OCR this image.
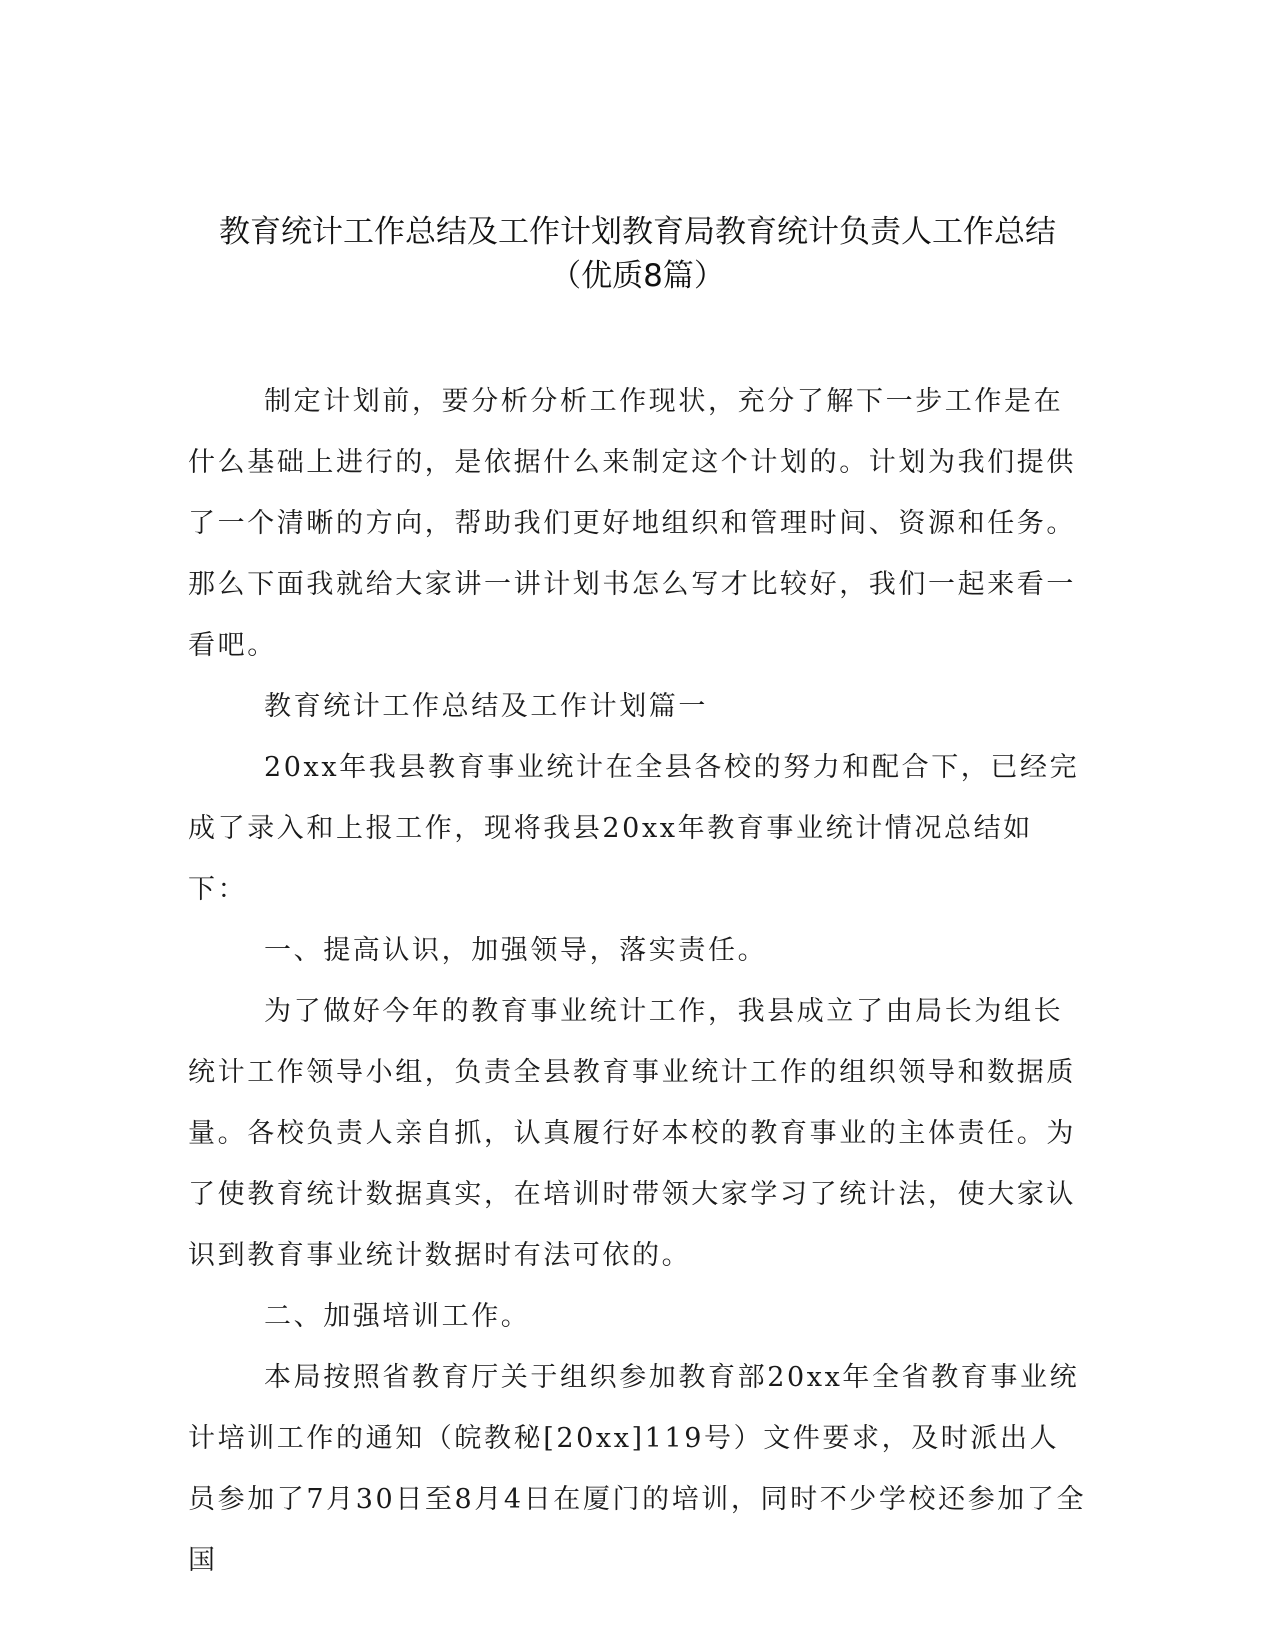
教育统计工作总结及工作计划教育局教育统计负责人工作总结
（优质8篇）

制定计划前，要分析分析工作现状，充分了解下一步工作是在什么基础上进行的，是依据什么来制定这个计划的。计划为我们提供了一个清晰的方向，帮助我们更好地组织和管理时间、资源和任务。那么下面我就给大家讲一讲计划书怎么写才比较好，我们一起来看一看吧。

教育统计工作总结及工作计划篇一

20xx年我县教育事业统计在全县各校的努力和配合下，已经完成了录入和上报工作，现将我县20xx年教育事业统计情况总结如下：

一、提高认识，加强领导，落实责任。

为了做好今年的教育事业统计工作，我县成立了由局长为组长统计工作领导小组，负责全县教育事业统计工作的组织领导和数据质量。各校负责人亲自抓，认真履行好本校的教育事业的主体责任。为了使教育统计数据真实，在培训时带领大家学习了统计法，使大家认识到教育事业统计数据时有法可依的。

二、加强培训工作。

本局按照省教育厅关于组织参加教育部20xx年全省教育事业统计培训工作的通知（皖教秘[20xx]119号）文件要求，及时派出人员参加了7月30日至8月4日在厦门的培训，同时不少学校还参加了全国
